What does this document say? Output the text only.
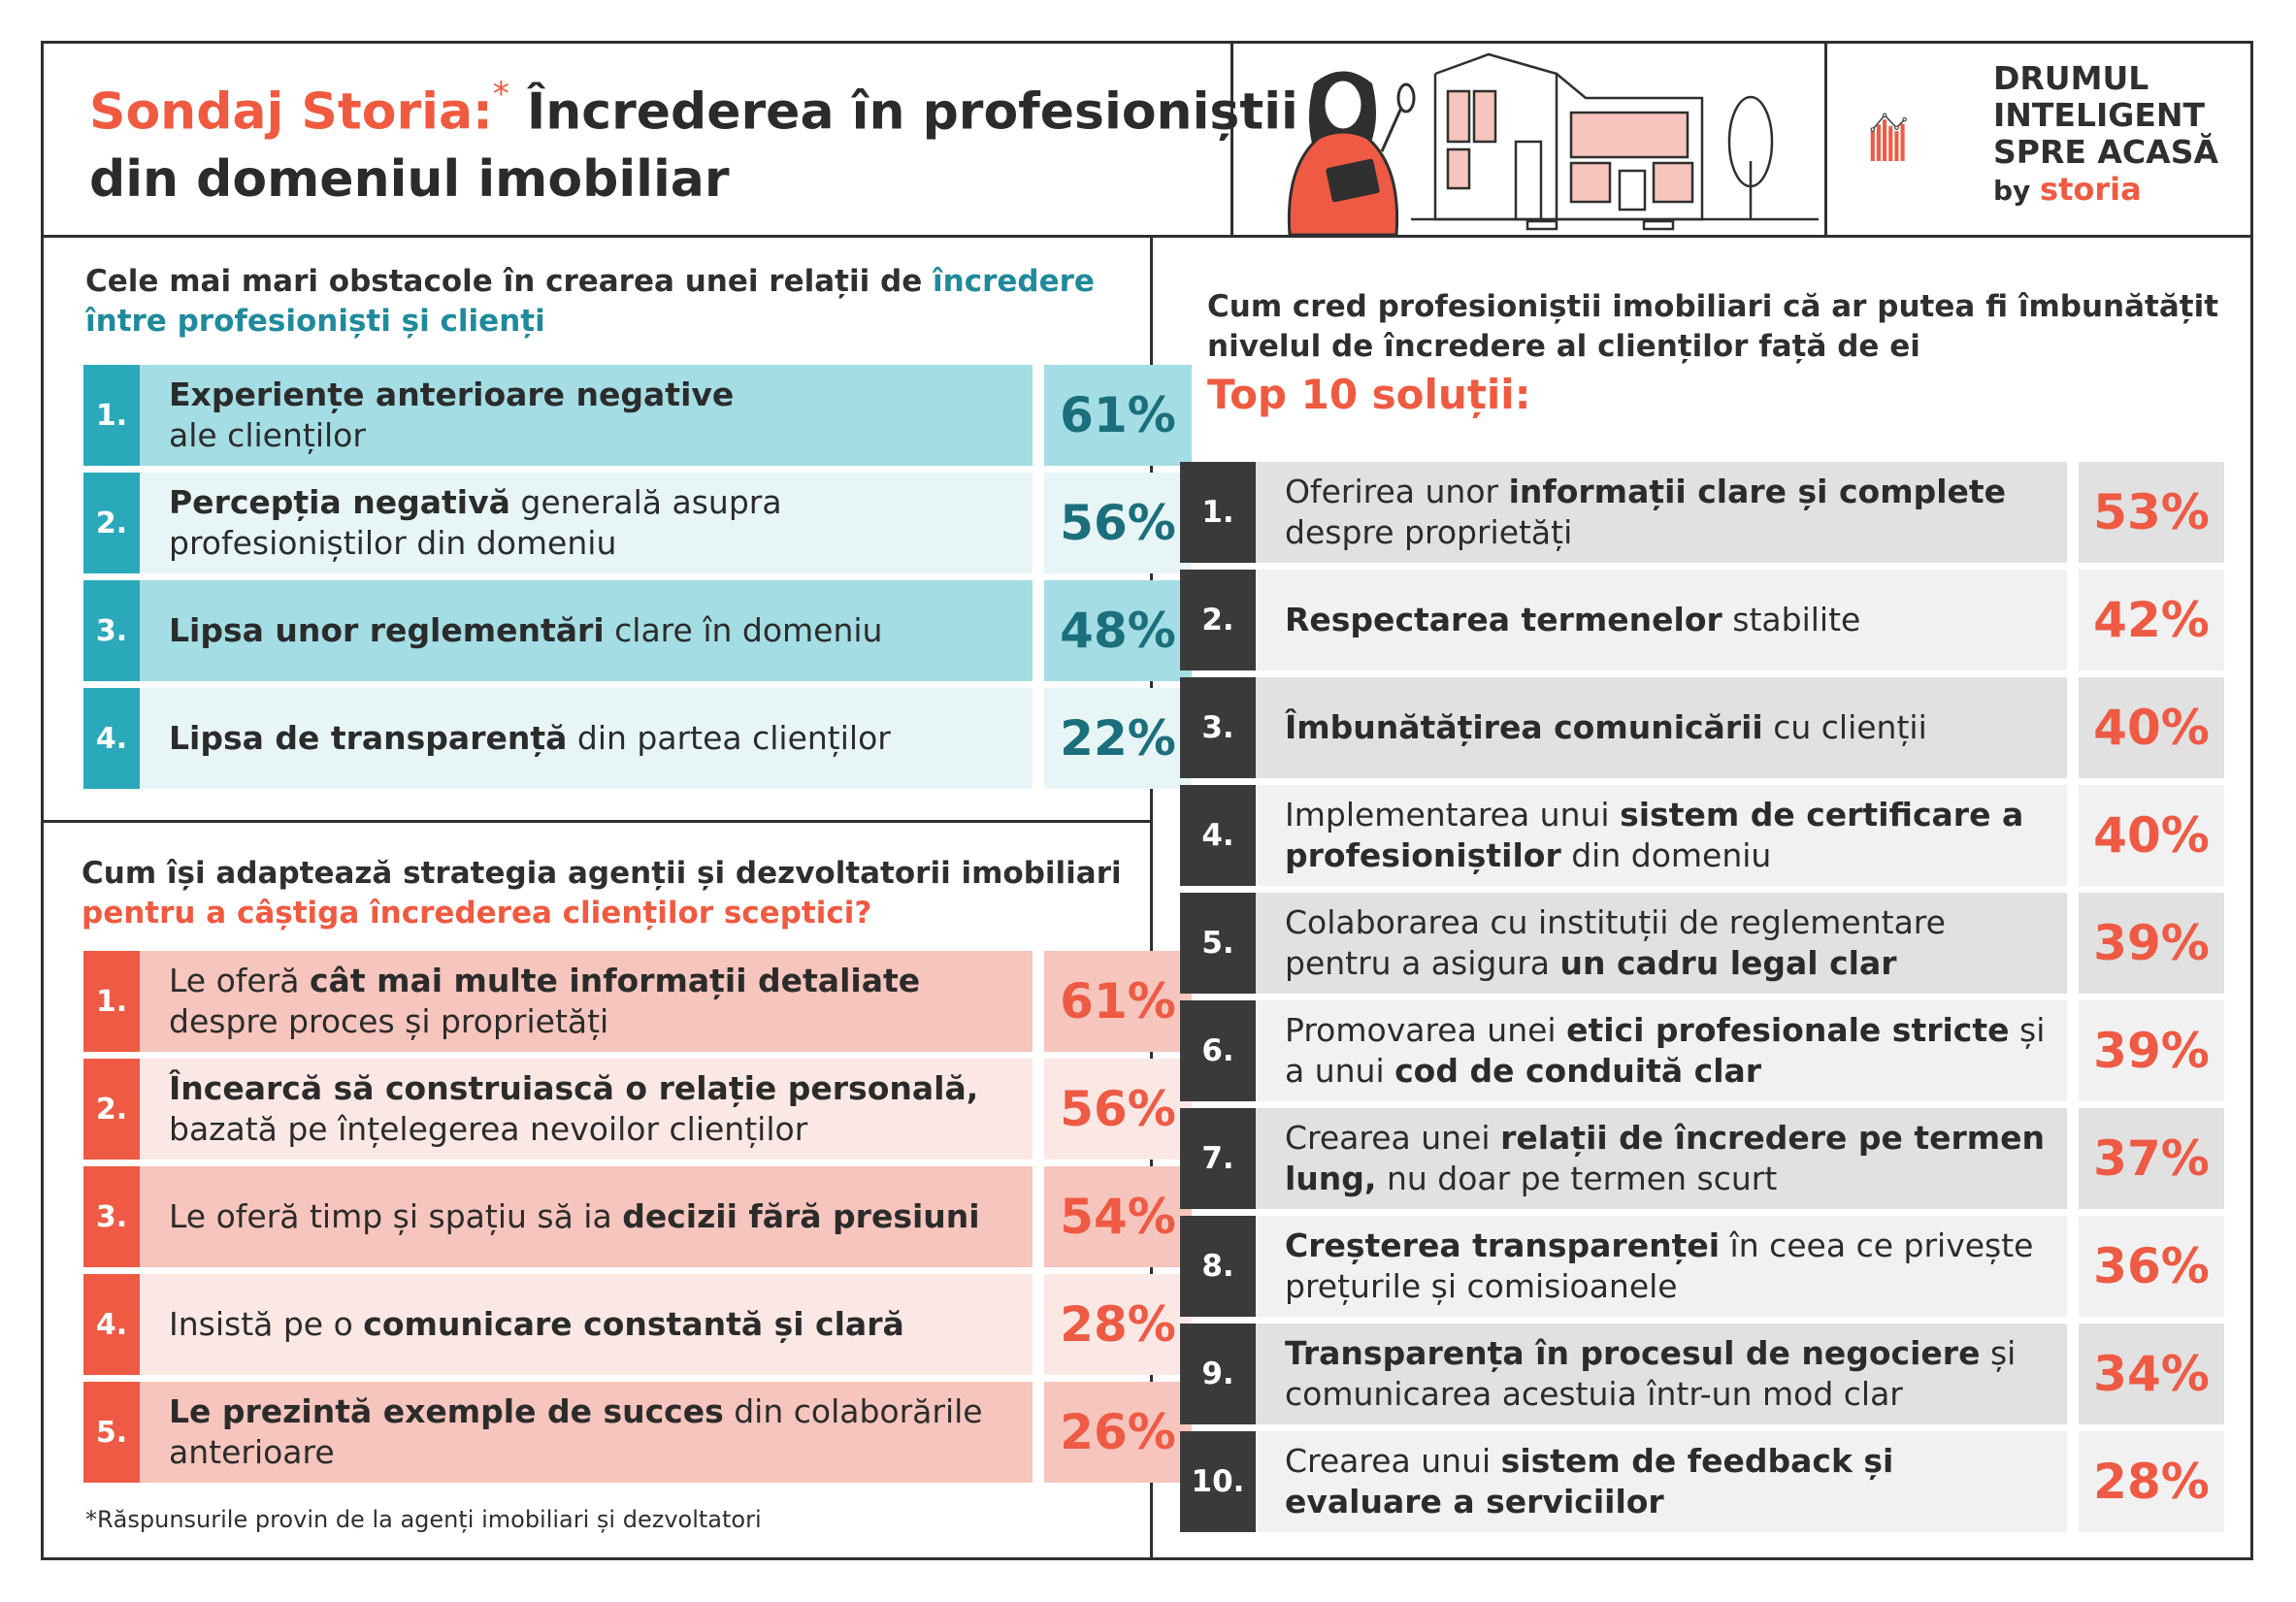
Sondaj Storia:* Încrederea în profesioniștii
din domeniul imobiliar
DRUMUL
INTELIGENT
SPRE ACASĂ
by storia
Cele mai mari obstacole în crearea unei relații de încredere
între profesioniști și clienți
1.
Experiențe anterioare negative
ale clienților	61%
2.
Percepția negativă generală asupra profesioniștilor din domeniu	56%
3.	Lipsa unor reglementări clare în domeniu	48%
4.	Lipsa de transparență din partea clienților	22%
Cum își adaptează strategia agenții și dezvoltatorii imobiliari
pentru a câștiga încrederea clienților sceptici?
1.
Le oferă cât mai multe informații detaliate despre proces și proprietăți	61%
2.
Încearcă să construiască o relație personală, bazată pe înțelegerea nevoilor clienților	56%
3.	Le oferă timp și spațiu să ia decizii fără presiuni	54%
4.	Insistă pe o comunicare constantă și clară	28%
5.
Le prezintă exemple de succes din colaborările anterioare	26%
Cum cred profesioniștii imobiliari că ar putea fi îmbunătățit
nivelul de încredere al clienților față de ei
Top 10 soluții:
1.
Oferirea unor informații clare și complete despre proprietăți	53%
2.	Respectarea termenelor stabilite	42%
3.	Îmbunătățirea comunicării cu clienții	40%
4.
Implementarea unui sistem de certificare a profesioniștilor din domeniu	40%
5.
Colaborarea cu instituții de reglementare pentru a asigura un cadru legal clar	39%
6.
Promovarea unei etici profesionale stricte și a unui cod de conduită clar	39%
7.
Crearea unei relații de încredere pe termen lung, nu doar pe termen scurt	37%
8.
Creșterea transparenței în ceea ce privește prețurile și comisioanele	36%
9.
Transparența în procesul de negociere și comunicarea acestuia într-un mod clar	34%
10.
Crearea unui sistem de feedback și evaluare a serviciilor	28%
*Răspunsurile provin de la agenți imobiliari și dezvoltatori
